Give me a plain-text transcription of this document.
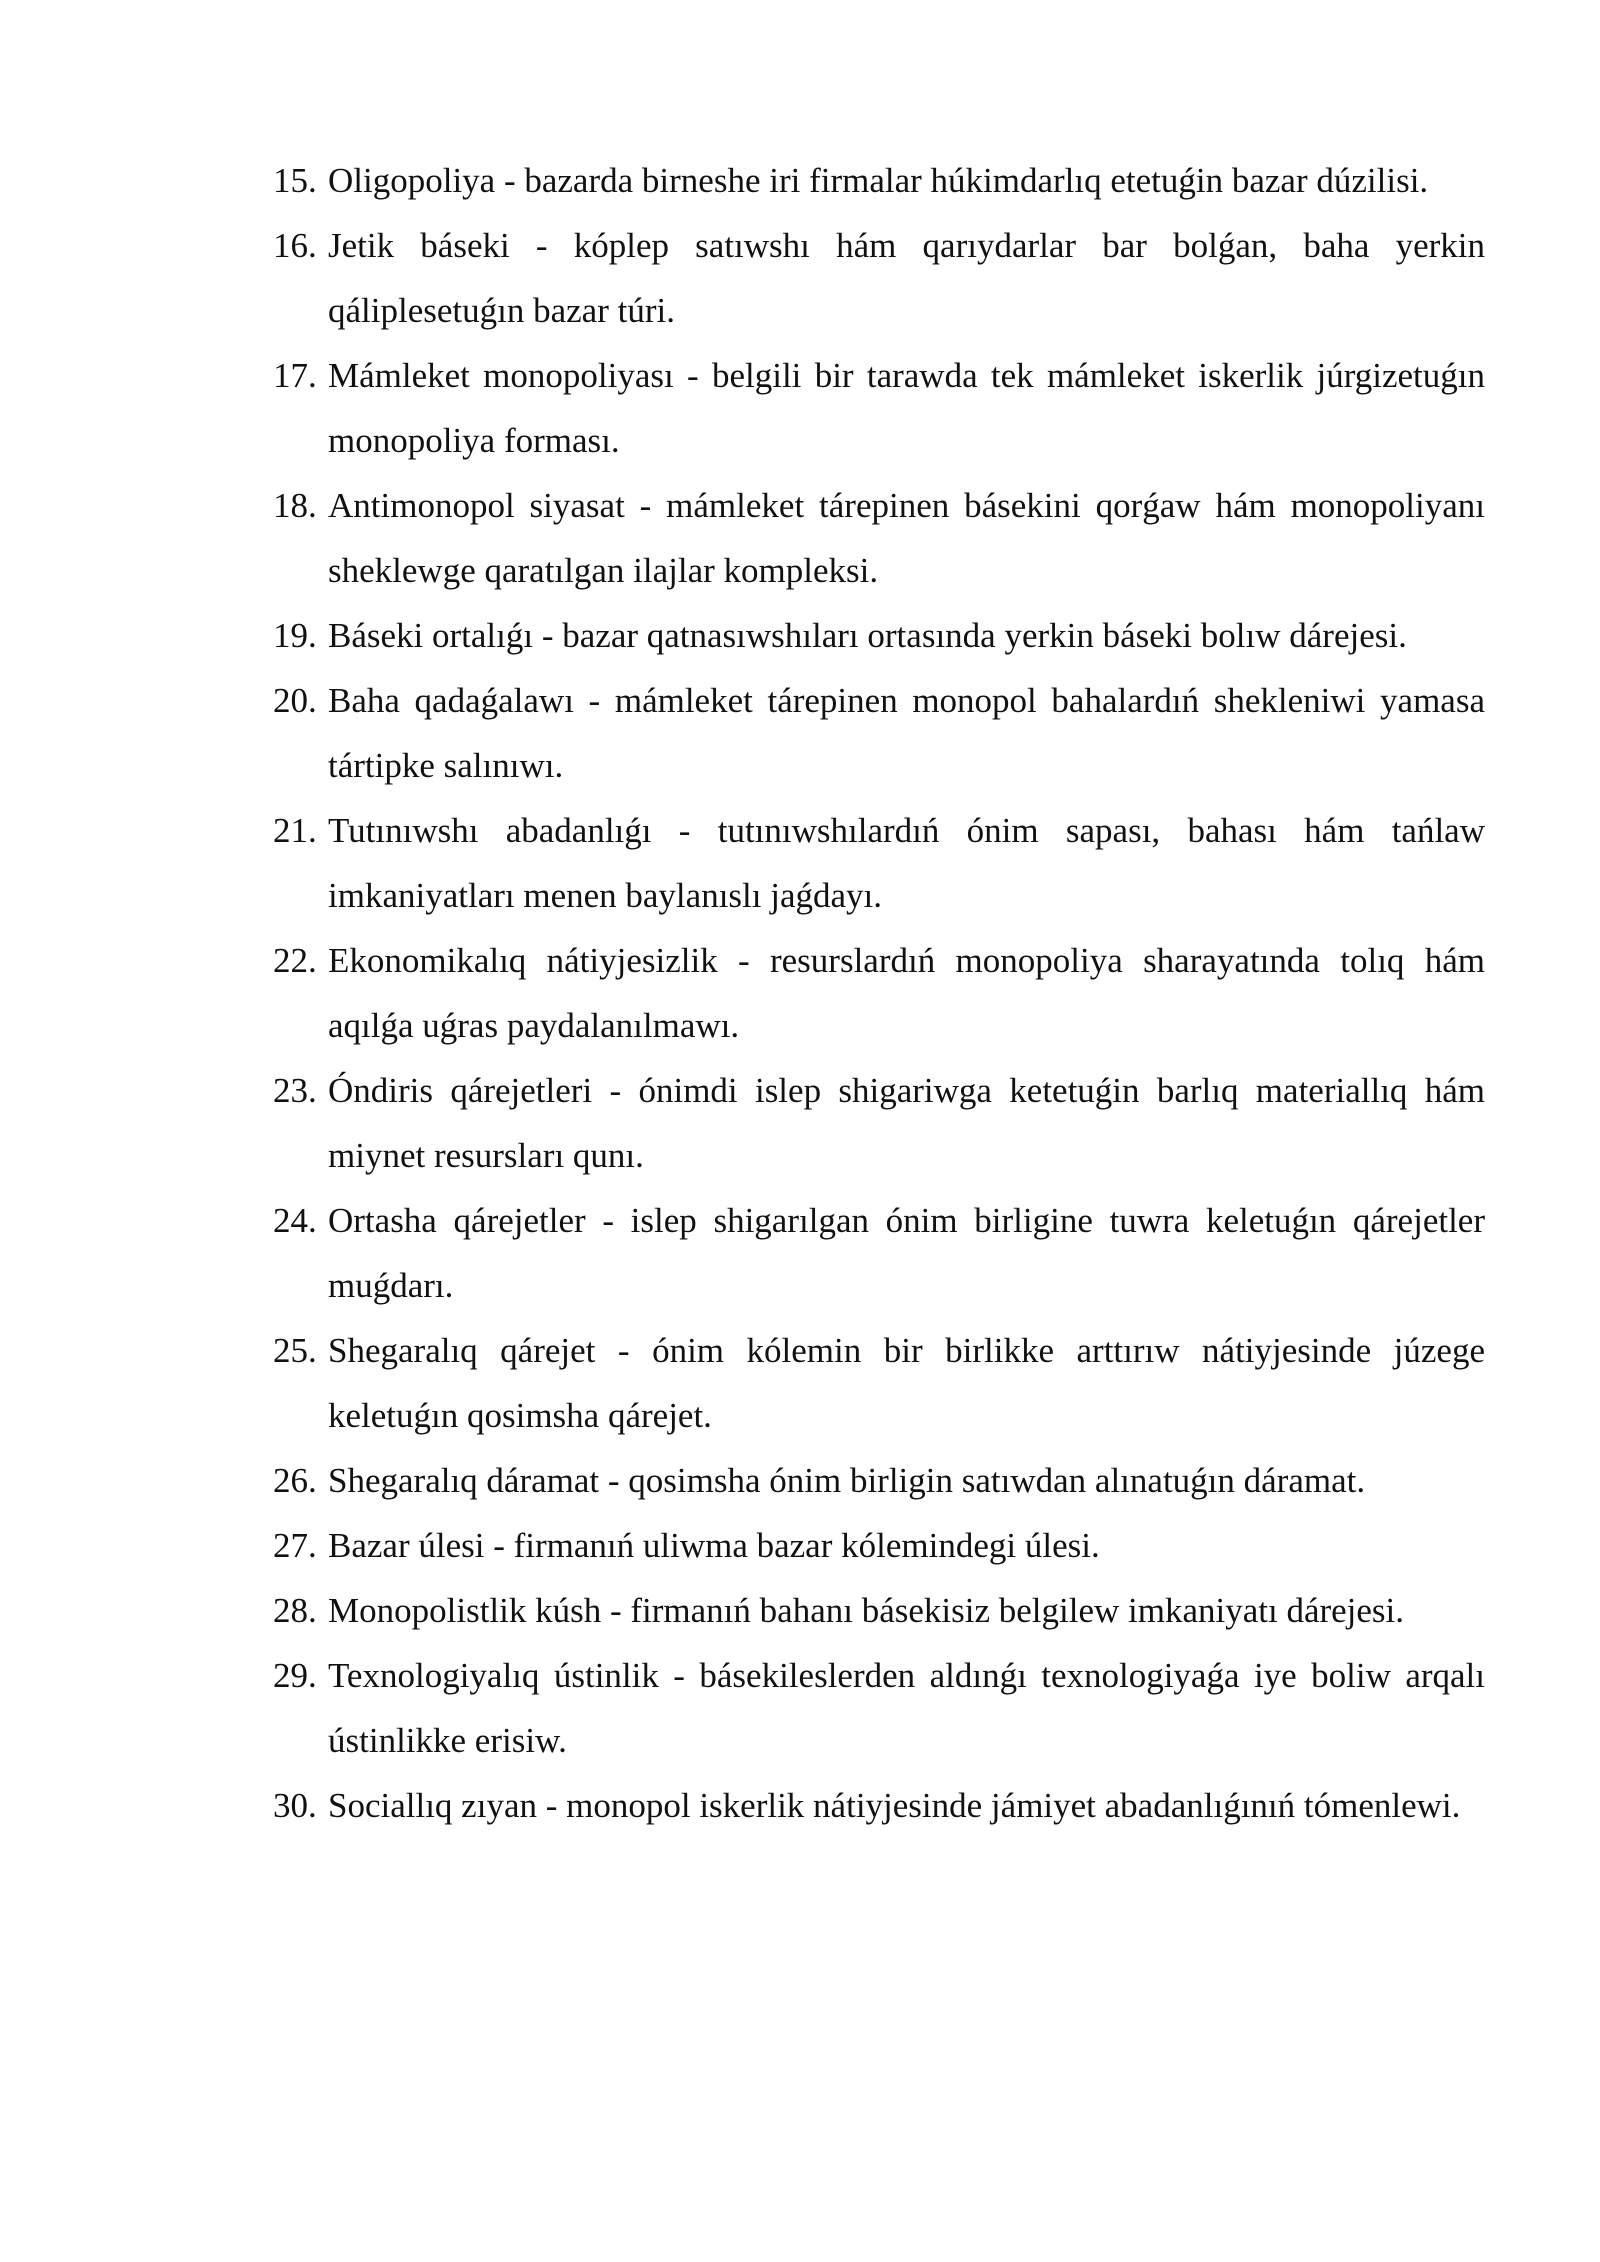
15. Oligopoliya - bazarda birneshe iri firmalar húkimdarlıq etetuǵin bazar dúzilisi.
16. Jetik báseki - kóplep satıwshı hám qarıydarlar bar bolǵan, baha yerkin qáliplesetuǵın bazar túri.
17. Mámleket monopoliyası - belgili bir tarawda tek mámleket iskerlik júrgizetuǵın monopoliya forması.
18. Antimonopol siyasat - mámleket tárepinen básekini qorǵaw hám monopoliyanı sheklewge qaratılgan ilajlar kompleksi.
19. Báseki ortalıǵı - bazar qatnasıwshıları ortasında yerkin báseki bolıw dárejesi.
20. Baha qadaǵalawı - mámleket tárepinen monopol bahalardıń shekleniwi yamasa tártipke salınıwı.
21. Tutınıwshı abadanlıǵı - tutınıwshılardıń ónim sapası, bahası hám tańlaw imkaniyatları menen baylanıslı jaǵdayı.
22. Ekonomikalıq nátiyjesizlik - resurslardıń monopoliya sharayatında tolıq hám aqılǵa uǵras paydalanılmawı.
23. Óndiris qárejetleri - ónimdi islep shigariwga ketetuǵin barlıq materiallıq hám miynet resursları qunı.
24. Ortasha qárejetler - islep shigarılgan ónim birligine tuwra keletuǵın qárejetler muǵdarı.
25. Shegaralıq qárejet - ónim kólemin bir birlikke arttırıw nátiyjesinde júzege keletuǵın qosimsha qárejet.
26. Shegaralıq dáramat - qosimsha ónim birligin satıwdan alınatuǵın dáramat.
27. Bazar úlesi - firmanıń uliwma bazar kólemindegi úlesi.
28. Monopolistlik kúsh - firmanıń bahanı básekisiz belgilew imkaniyatı dárejesi.
29. Texnologiyalıq ústinlik - básekileslerden aldınǵı texnologiyaǵa iye boliw arqalı ústinlikke erisiw.
30. Sociallıq zıyan - monopol iskerlik nátiyjesinde jámiyet abadanlıǵınıń tómenlewi.
